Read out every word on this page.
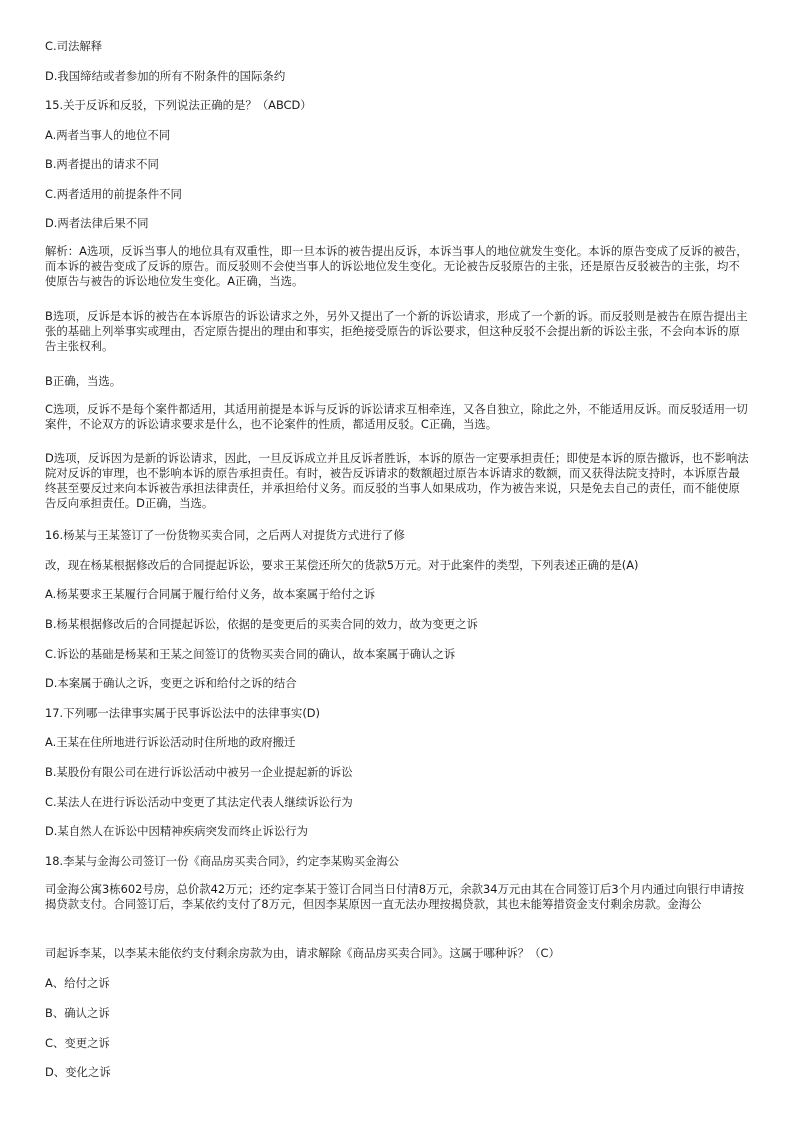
C.司法解释
D.我国缔结或者参加的所有不附条件的国际条约
15.关于反诉和反驳，下列说法正确的是？（ABCD）
A.两者当事人的地位不同
B.两者提出的请求不同
C.两者适用的前提条件不同
D.两者法律后果不同
解析：A选项，反诉当事人的地位具有双重性，即一旦本诉的被告提出反诉，本诉当事人的地位就发生变化。本诉的原告变成了反诉的被告，而本诉的被告变成了反诉的原告。而反驳则不会使当事人的诉讼地位发生变化。无论被告反驳原告的主张，还是原告反驳被告的主张，均不使原告与被告的诉讼地位发生变化。A正确，当选。
B选项，反诉是本诉的被告在本诉原告的诉讼请求之外，另外又提出了一个新的诉讼请求，形成了一个新的诉。而反驳则是被告在原告提出主张的基础上列举事实或理由，否定原告提出的理由和事实，拒绝接受原告的诉讼要求，但这种反驳不会提出新的诉讼主张，不会向本诉的原告主张权利。
B正确，当选。
C选项，反诉不是每个案件都适用，其适用前提是本诉与反诉的诉讼请求互相牵连，又各自独立，除此之外，不能适用反诉。而反驳适用一切案件，不论双方的诉讼请求要求是什么，也不论案件的性质，都适用反驳。C正确，当选。
D选项，反诉因为是新的诉讼请求，因此，一旦反诉成立并且反诉者胜诉，本诉的原告一定要承担责任；即使是本诉的原告撤诉，也不影响法院对反诉的审理，也不影响本诉的原告承担责任。有时，被告反诉请求的数额超过原告本诉请求的数额，而又获得法院支持时，本诉原告最终甚至要反过来向本诉被告承担法律责任，并承担给付义务。而反驳的当事人如果成功，作为被告来说，只是免去自己的责任，而不能使原告反向承担责任。D正确，当选。
16.杨某与王某签订了一份货物买卖合同，之后两人对提货方式进行了修
改，现在杨某根据修改后的合同提起诉讼，要求王某偿还所欠的货款5万元。对于此案件的类型，下列表述正确的是(A)
A.杨某要求王某履行合同属于履行给付义务，故本案属于给付之诉
B.杨某根据修改后的合同提起诉讼，依据的是变更后的买卖合同的效力，故为变更之诉
C.诉讼的基础是杨某和王某之间签订的货物买卖合同的确认，故本案属于确认之诉
D.本案属于确认之诉，变更之诉和给付之诉的结合
17.下列哪一法律事实属于民事诉讼法中的法律事实(D)
A.王某在住所地进行诉讼活动时住所地的政府搬迁
B.某股份有限公司在进行诉讼活动中被另一企业提起新的诉讼
C.某法人在进行诉讼活动中变更了其法定代表人继续诉讼行为
D.某自然人在诉讼中因精神疾病突发而终止诉讼行为
18.李某与金海公司签订一份《商品房买卖合同》，约定李某购买金海公
司金海公寓3栋602号房，总价款42万元；还约定李某于签订合同当日付清8万元，余款34万元由其在合同签订后3个月内通过向银行申请按揭贷款支付。合同签订后，李某依约支付了8万元，但因李某原因一直无法办理按揭贷款，其也未能筹措资金支付剩余房款。金海公
司起诉李某，以李某未能依约支付剩余房款为由，请求解除《商品房买卖合同》。这属于哪种诉？（C）
A、给付之诉
B、确认之诉
C、变更之诉
D、变化之诉
